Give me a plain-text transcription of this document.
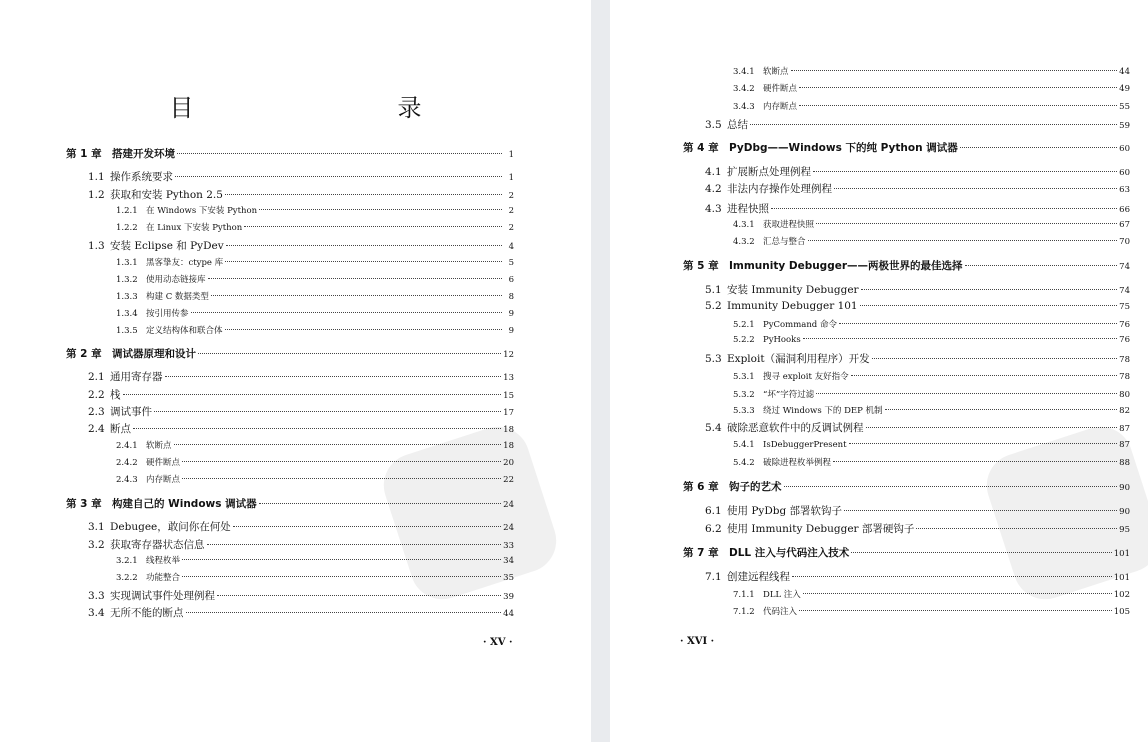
目　　录
第 1 章 搭建开发环境	1
1.1 操作系统要求	1
1.2 获取和安装 Python 2.5	2
1.2.1 在 Windows 下安装 Python	2
1.2.2 在 Linux 下安装 Python	2
1.3 安装 Eclipse 和 PyDev	4
1.3.1 黑客挚友：ctype 库	5
1.3.2 使用动态链接库	6
1.3.3 构建 C 数据类型	8
1.3.4 按引用传参	9
1.3.5 定义结构体和联合体	9
第 2 章 调试器原理和设计	12
2.1 通用寄存器	13
2.2 栈	15
2.3 调试事件	17
2.4 断点	18
2.4.1 软断点	18
2.4.2 硬件断点	20
2.4.3 内存断点	22
第 3 章 构建自己的 Windows 调试器	24
3.1 Debugee，敢问你在何处	24
3.2 获取寄存器状态信息	33
3.2.1 线程枚举	34
3.2.2 功能整合	35
3.3 实现调试事件处理例程	39
3.4 无所不能的断点	44
· XV ·
3.4.1 软断点	44
3.4.2 硬件断点	49
3.4.3 内存断点	55
3.5 总结	59
第 4 章 PyDbg——Windows 下的纯 Python 调试器	60
4.1 扩展断点处理例程	60
4.2 非法内存操作处理例程	63
4.3 进程快照	66
4.3.1 获取进程快照	67
4.3.2 汇总与整合	70
第 5 章 Immunity Debugger——两极世界的最佳选择	74
5.1 安装 Immunity Debugger	74
5.2 Immunity Debugger 101	75
5.2.1 PyCommand 命令	76
5.2.2 PyHooks	76
5.3 Exploit（漏洞利用程序）开发	78
5.3.1 搜寻 exploit 友好指令	78
5.3.2 “坏”字符过滤	80
5.3.3 绕过 Windows 下的 DEP 机制	82
5.4 破除恶意软件中的反调试例程	87
5.4.1 IsDebuggerPresent	87
5.4.2 破除进程枚举例程	88
第 6 章 钩子的艺术	90
6.1 使用 PyDbg 部署软钩子	90
6.2 使用 Immunity Debugger 部署硬钩子	95
第 7 章 DLL 注入与代码注入技术	101
7.1 创建远程线程	101
7.1.1 DLL 注入	102
7.1.2 代码注入	105
· XVI ·
